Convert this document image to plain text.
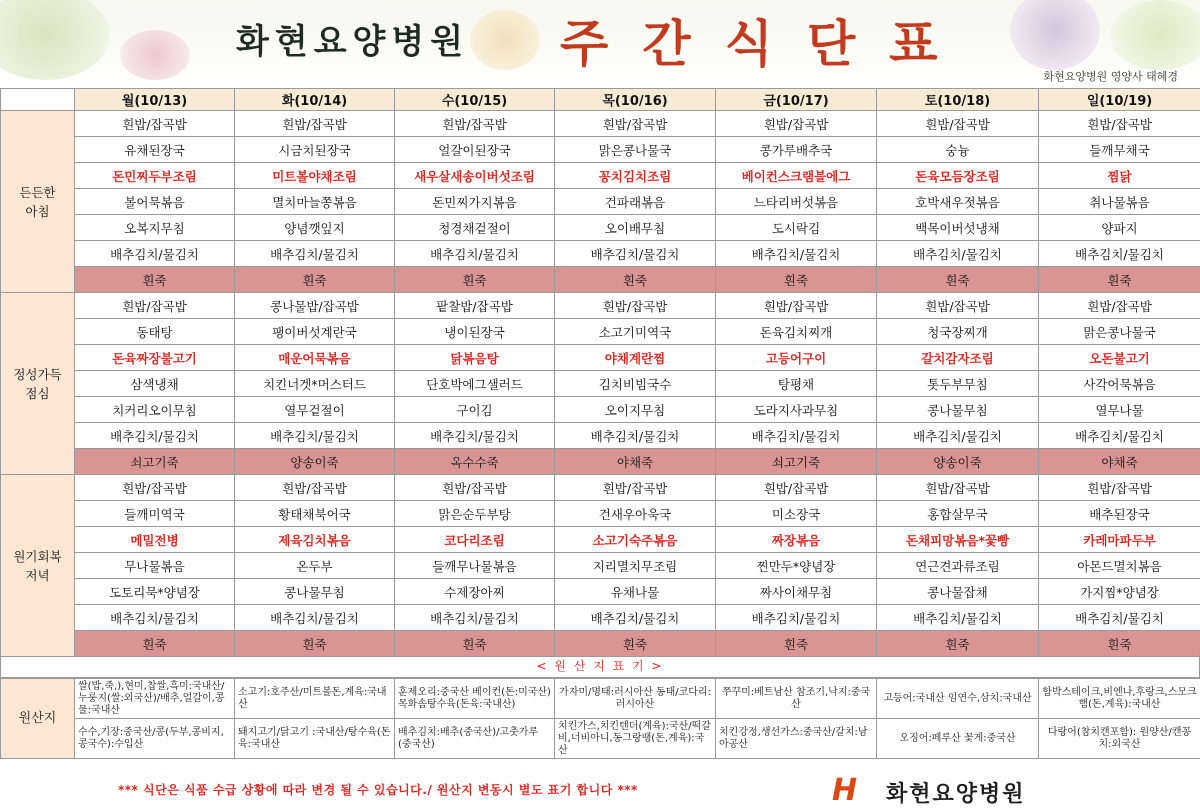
화현요양병원 주간식단표
화현요양병원 영양사 태혜경
	월(10/13)	화(10/14)	수(10/15)	목(10/16)	금(10/17)	토(10/18)	일(10/19)
든든한
아침	흰밥/잡곡밥	흰밥/잡곡밥	흰밥/잡곡밥	흰밥/잡곡밥	흰밥/잡곡밥	흰밥/잡곡밥	흰밥/잡곡밥
	유채된장국	시금치된장국	얼갈이된장국	맑은콩나물국	콩가루배추국	숭늉	들깨무채국
	돈민찌두부조림	미트볼야채조림	새우살새송이버섯조림	꽁치김치조림	베이컨스크램블에그	돈육모듬장조림	찜닭
	볼어묵볶음	멸치마늘쫑볶음	돈민찌가지볶음	건파래볶음	느타리버섯볶음	호박새우젓볶음	취나물볶음
	오복지무침	양념깻잎지	청경채겉절이	오이배무침	도시락김	백목이버섯냉채	양파지
	배추김치/물김치	배추김치/물김치	배추김치/물김치	배추김치/물김치	배추김치/물김치	배추김치/물김치	배추김치/물김치
	흰죽	흰죽	흰죽	흰죽	흰죽	흰죽	흰죽
정성가득
점심	흰밥/잡곡밥	콩나물밥/잡곡밥	팥찰밥/잡곡밥	흰밥/잡곡밥	흰밥/잡곡밥	흰밥/잡곡밥	흰밥/잡곡밥
	동태탕	팽이버섯계란국	냉이된장국	소고기미역국	돈육김치찌개	청국장찌개	맑은콩나물국
	돈육짜장불고기	매운어묵볶음	닭볶음탕	야채계란찜	고등어구이	갈치감자조림	오돈불고기
	삼색냉채	치킨너겟*머스터드	단호박에그샐러드	김치비빔국수	탕평채	톳두부무침	사각어묵볶음
	치커리오이무침	열무겉절이	구이김	오이지무침	도라지사과무침	콩나물무침	열무나물
	배추김치/물김치	배추김치/물김치	배추김치/물김치	배추김치/물김치	배추김치/물김치	배추김치/물김치	배추김치/물김치
	쇠고기죽	양송이죽	옥수수죽	야채죽	쇠고기죽	양송이죽	야채죽
원기회복
저녁	흰밥/잡곡밥	흰밥/잡곡밥	흰밥/잡곡밥	흰밥/잡곡밥	흰밥/잡곡밥	흰밥/잡곡밥	흰밥/잡곡밥
	들깨미역국	황태채북어국	맑은순두부탕	건새우아욱국	미소장국	홍합살무국	배추된장국
	메밀전병	제육김치볶음	코다리조림	소고기숙주볶음	짜장볶음	돈채피망볶음*꽃빵	카레마파두부
	무나물볶음	온두부	들깨무나물볶음	지리멸치무조림	찐만두*양념장	연근견과류조림	아몬드멸치볶음
	도토리묵*양념장	콩나물무침	수제장아찌	유채나물	짜사이채무침	콩나물잡채	가지찜*양념장
	배추김치/물김치	배추김치/물김치	배추김치/물김치	배추김치/물김치	배추김치/물김치	배추김치/물김치	배추김치/물김치
	흰죽	흰죽	흰죽	흰죽	흰죽	흰죽	흰죽
< 원 산 지 표 기 >
원산지	쌀(밥,죽,),현미,찹쌀,흑미:국내산/누룽지(쌀:외국산)/배추,얼갈이,콩물:국내산	소고기:호주산/미트볼돈,계육:국내산	훈제오리:중국산 베이컨(돈:미국산) 목화솜탕수육(돈육:국내산)	가자미/명태:러시아산 동태/코다리:러시아산	쭈꾸미:베트남산 참조기,낙지:중국산	고등어:국내산 임연수,삼치:국내산	함박스테이크,비엔나,후랑크,스모크햄(돈,계육):국내산
	수수,기장:중국산/콩(두부,콩비지,콩국수):수입산	돼지고기/닭고기 :국내산/탕수육(돈육:국내산	배추김치:배추(중국산)/고춧가루(중국산)	치킨가스,치킨텐더(계육):국산/떡갈비,너비아니,동그랑땡(돈,계육):국산	치킨강정,생선가스:중국산/갈치:남아공산	오징어:페루산 꽃게:중국산	다랑어(참치캔포함): 원양산/캔꽁치:외국산
*** 식단은 식품 수급 상황에 따라 변경 될 수 있습니다./ 원산지 변동시 별도 표기 합니다 ***	H 화현요양병원
